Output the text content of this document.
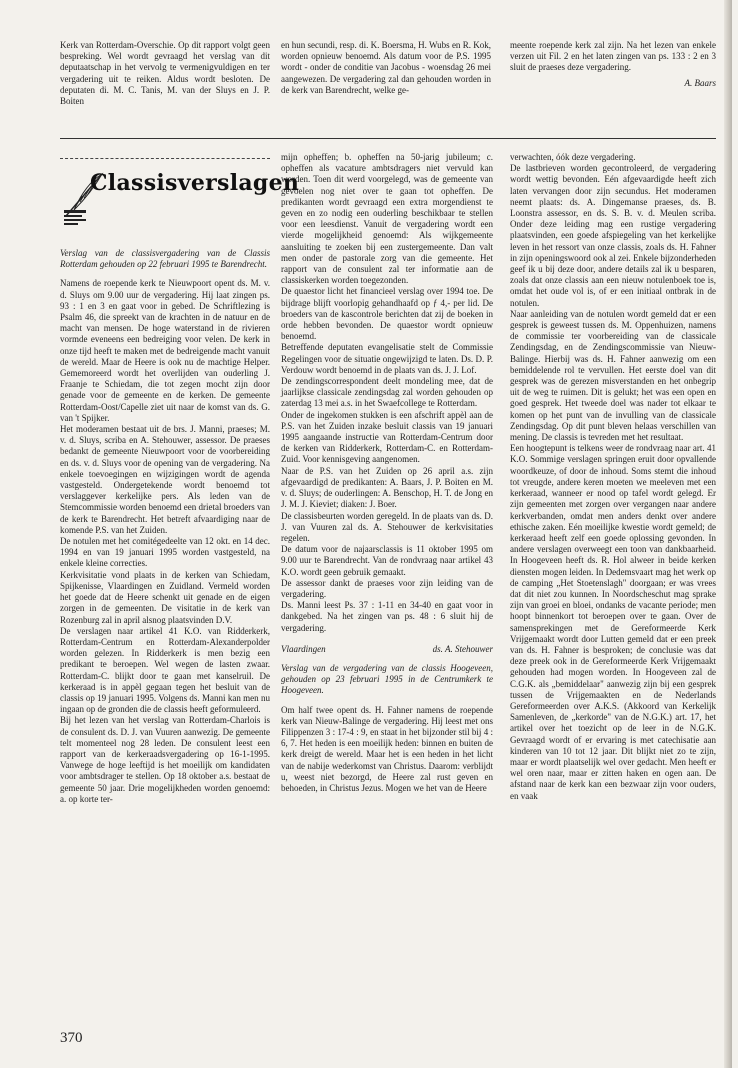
Kerk van Rotterdam-Overschie. Op dit rapport volgt geen bespreking. Wel wordt gevraagd het verslag van dit deputaatschap in het vervolg te vermenigvuldigen en ter vergadering uit te reiken. Aldus wordt besloten. De deputaten di. M. C. Tanis, M. van der Sluys en J. P. Boiten

en hun secundi, resp. di. K. Boersma, H. Wubs en R. Kok, worden opnieuw benoemd. Als datum voor de P.S. 1995 wordt - onder de conditie van Jacobus - woensdag 26 mei aangewezen. De vergadering zal dan gehouden worden in de kerk van Barendrecht, welke ge-

meente roepende kerk zal zijn. Na het lezen van enkele verzen uit Fil. 2 en het laten zingen van ps. 133 : 2 en 3 sluit de praeses deze vergadering.

A. Baars
Classisverslagen

Verslag van de classisvergadering van de Classis Rotterdam gehouden op 22 februari 1995 te Barendrecht.

Namens de roepende kerk te Nieuwpoort opent ds. M. v. d. Sluys om 9.00 uur de vergadering. Hij laat zingen ps. 93 : 1 en 3 en gaat voor in gebed. De Schriftlezing is Psalm 46, die spreekt van de krachten in de natuur en de macht van mensen. De hoge waterstand in de rivieren vormde eveneens een bedreiging voor velen. De kerk in onze tijd heeft te maken met de bedreigende macht vanuit de wereld. Maar de Heere is ook nu de machtige Helper. Gememoreerd wordt het overlijden van ouderling J. Fraanje te Schiedam, die tot zegen mocht zijn door genade voor de gemeente en de kerken. De gemeente Rotterdam-Oost/Capelle ziet uit naar de komst van ds. G. van 't Spijker.

Het moderamen bestaat uit de brs. J. Manni, praeses; M. v. d. Sluys, scriba en A. Stehouwer, assessor. De praeses bedankt de gemeente Nieuwpoort voor de voorbereiding en ds. v. d. Sluys voor de opening van de vergadering. Na enkele toevoegingen en wijzigingen wordt de agenda vastgesteld. Ondergetekende wordt benoemd tot verslaggever kerkelijke pers. Als leden van de Stemcommissie worden benoemd een drietal broeders van de kerk te Barendrecht. Het betreft afvaardiging naar de komende P.S. van het Zuiden.

De notulen met het comitégedeelte van 12 okt. en 14 dec. 1994 en van 19 januari 1995 worden vastgesteld, na enkele kleine correcties.

Kerkvisitatie vond plaats in de kerken van Schiedam, Spijkenisse, Vlaardingen en Zuidland. Vermeld worden het goede dat de Heere schenkt uit genade en de eigen zorgen in de gemeenten. De visitatie in de kerk van Rozenburg zal in april alsnog plaatsvinden D.V.

De verslagen naar artikel 41 K.O. van Ridderkerk, Rotterdam-Centrum en Rotterdam-Alexanderpolder worden gelezen. In Ridderkerk is men bezig een predikant te beroepen. Wel wegen de lasten zwaar. Rotterdam-C. blijkt door te gaan met kanselruil. De kerkeraad is in appèl gegaan tegen het besluit van de classis op 19 januari 1995. Volgens ds. Manni kan men nu ingaan op de gronden die de classis heeft geformuleerd.

Bij het lezen van het verslag van Rotterdam-Charlois is de consulent ds. D. J. van Vuuren aanwezig. De gemeente telt momenteel nog 28 leden. De consulent leest een rapport van de kerkeraadsvergadering op 16-1-1995. Vanwege de hoge leeftijd is het moeilijk om kandidaten voor ambtsdrager te stellen. Op 18 oktober a.s. bestaat de gemeente 50 jaar. Drie mogelijkheden worden genoemd: a. op korte ter-

mijn opheffen; b. opheffen na 50-jarig jubileum; c. opheffen als vacature ambtsdragers niet vervuld kan worden. Toen dit werd voorgelegd, was de gemeente van gevoelen nog niet over te gaan tot opheffen. De predikanten wordt gevraagd een extra morgendienst te geven en zo nodig een ouderling beschikbaar te stellen voor een leesdienst. Vanuit de vergadering wordt een vierde mogelijkheid genoemd: Als wijkgemeente aansluiting te zoeken bij een zustergemeente. Dan valt men onder de pastorale zorg van die gemeente. Het rapport van de consulent zal ter informatie aan de classiskerken worden toegezonden.

De quaestor licht het financieel verslag over 1994 toe. De bijdrage blijft voorlopig gehandhaafd op ƒ 4,- per lid. De broeders van de kascontrole berichten dat zij de boeken in orde hebben bevonden. De quaestor wordt opnieuw benoemd.

Betreffende deputaten evangelisatie stelt de Commissie Regelingen voor de situatie ongewijzigd te laten. Ds. D. P. Verdouw wordt benoemd in de plaats van ds. J. J. Lof.

De zendingscorrespondent deelt mondeling mee, dat de jaarlijkse classicale zendingsdag zal worden gehouden op zaterdag 13 mei a.s. in het Swaefcollege te Rotterdam.

Onder de ingekomen stukken is een afschrift appèl aan de P.S. van het Zuiden inzake besluit classis van 19 januari 1995 aangaande instructie van Rotterdam-Centrum door de kerken van Ridderkerk, Rotterdam-C. en Rotterdam-Zuid. Voor kennisgeving aangenomen.

Naar de P.S. van het Zuiden op 26 april a.s. zijn afgevaardigd de predikanten: A. Baars, J. P. Boiten en M. v. d. Sluys; de ouderlingen: A. Benschop, H. T. de Jong en J. M. J. Kieviet; diaken: J. Boer.

De classisbeurten worden geregeld. In de plaats van ds. D. J. van Vuuren zal ds. A. Stehouwer de kerkvisitaties regelen.

De datum voor de najaarsclassis is 11 oktober 1995 om 9.00 uur te Barendrecht. Van de rondvraag naar artikel 43 K.O. wordt geen gebruik gemaakt.

De assessor dankt de praeses voor zijn leiding van de vergadering.

Ds. Manni leest Ps. 37 : 1-11 en 34-40 en gaat voor in dankgebed. Na het zingen van ps. 48 : 6 sluit hij de vergadering.

Vlaardingen	ds. A. Stehouwer

Verslag van de vergadering van de classis Hoogeveen, gehouden op 23 februari 1995 in de Centrumkerk te Hoogeveen.

Om half twee opent ds. H. Fahner namens de roepende kerk van Nieuw-Balinge de vergadering. Hij leest met ons Filippenzen 3 : 17-4 : 9, en staat in het bijzonder stil bij 4 : 6, 7. Het heden is een moeilijk heden: binnen en buiten de kerk dreigt de wereld. Maar het is een heden in het licht van de nabije wederkomst van Christus. Daarom: verblijdt u, weest niet bezorgd, de Heere zal rust geven en behoeden, in Christus Jezus. Mogen we het van de Heere

verwachten, óók deze vergadering.

De lastbrieven worden gecontroleerd, de vergadering wordt wettig bevonden. Eén afgevaardigde heeft zich laten vervangen door zijn secundus. Het moderamen neemt plaats: ds. A. Dingemanse praeses, ds. B. Loonstra assessor, en ds. S. B. v. d. Meulen scriba. Onder deze leiding mag een rustige vergadering plaatsvinden, een goede afspiegeling van het kerkelijke leven in het ressort van onze classis, zoals ds. H. Fahner in zijn openingswoord ook al zei. Enkele bijzonderheden geef ik u bij deze door, andere details zal ik u besparen, zoals dat onze classis aan een nieuw notulenboek toe is, omdat het oude vol is, of er een initiaal ontbrak in de notulen.

Naar aanleiding van de notulen wordt gemeld dat er een gesprek is geweest tussen ds. M. Oppenhuizen, namens de commissie ter voorbereiding van de classicale Zendingsdag, en de Zendingscommissie van Nieuw-Balinge. Hierbij was ds. H. Fahner aanwezig om een bemiddelende rol te vervullen. Het eerste doel van dit gesprek was de gerezen misverstanden en het onbegrip uit de weg te ruimen. Dit is gelukt; het was een open en goed gesprek. Het tweede doel was nader tot elkaar te komen op het punt van de invulling van de classicale Zendingsdag. Op dit punt bleven helaas verschillen van mening. De classis is tevreden met het resultaat.

Een hoogtepunt is telkens weer de rondvraag naar art. 41 K.O. Sommige verslagen springen eruit door opvallende woordkeuze, of door de inhoud. Soms stemt die inhoud tot vreugde, andere keren moeten we meeleven met een kerkeraad, wanneer er nood op tafel wordt gelegd. Er zijn gemeenten met zorgen over vergangen naar andere kerkverbanden, omdat men anders denkt over andere ethische zaken. Eén moeilijke kwestie wordt gemeld; de kerkeraad heeft zelf een goede oplossing gevonden. In andere verslagen overweegt een toon van dankbaarheid. In Hoogeveen heeft ds. R. Hol alweer in beide kerken diensten mogen leiden. In Dedemsvaart mag het werk op de camping „Het Stoetenslagh" doorgaan; er was vrees dat dit niet zou kunnen. In Noordscheschut mag sprake zijn van groei en bloei, ondanks de vacante periode; men hoopt binnenkort tot beroepen over te gaan. Over de samensprekingen met de Gereformeerde Kerk Vrijgemaakt wordt door Lutten gemeld dat er een preek van ds. H. Fahner is besproken; de conclusie was dat deze preek ook in de Gereformeerde Kerk Vrijgemaakt gehouden had mogen worden. In Hoogeveen zal de C.G.K. als „bemiddelaar" aanwezig zijn bij een gesprek tussen de Vrijgemaakten en de Nederlands Gereformeerden over A.K.S. (Akkoord van Kerkelijk Samenleven, de „kerkorde" van de N.G.K.) art. 17, het artikel over het toezicht op de leer in de N.G.K. Gevraagd wordt of er ervaring is met catechisatie aan kinderen van 10 tot 12 jaar. Dit blijkt niet zo te zijn, maar er wordt plaatselijk wel over gedacht. Men heeft er wel oren naar, maar er zitten haken en ogen aan. De afstand naar de kerk kan een bezwaar zijn voor ouders, en vaak

370
